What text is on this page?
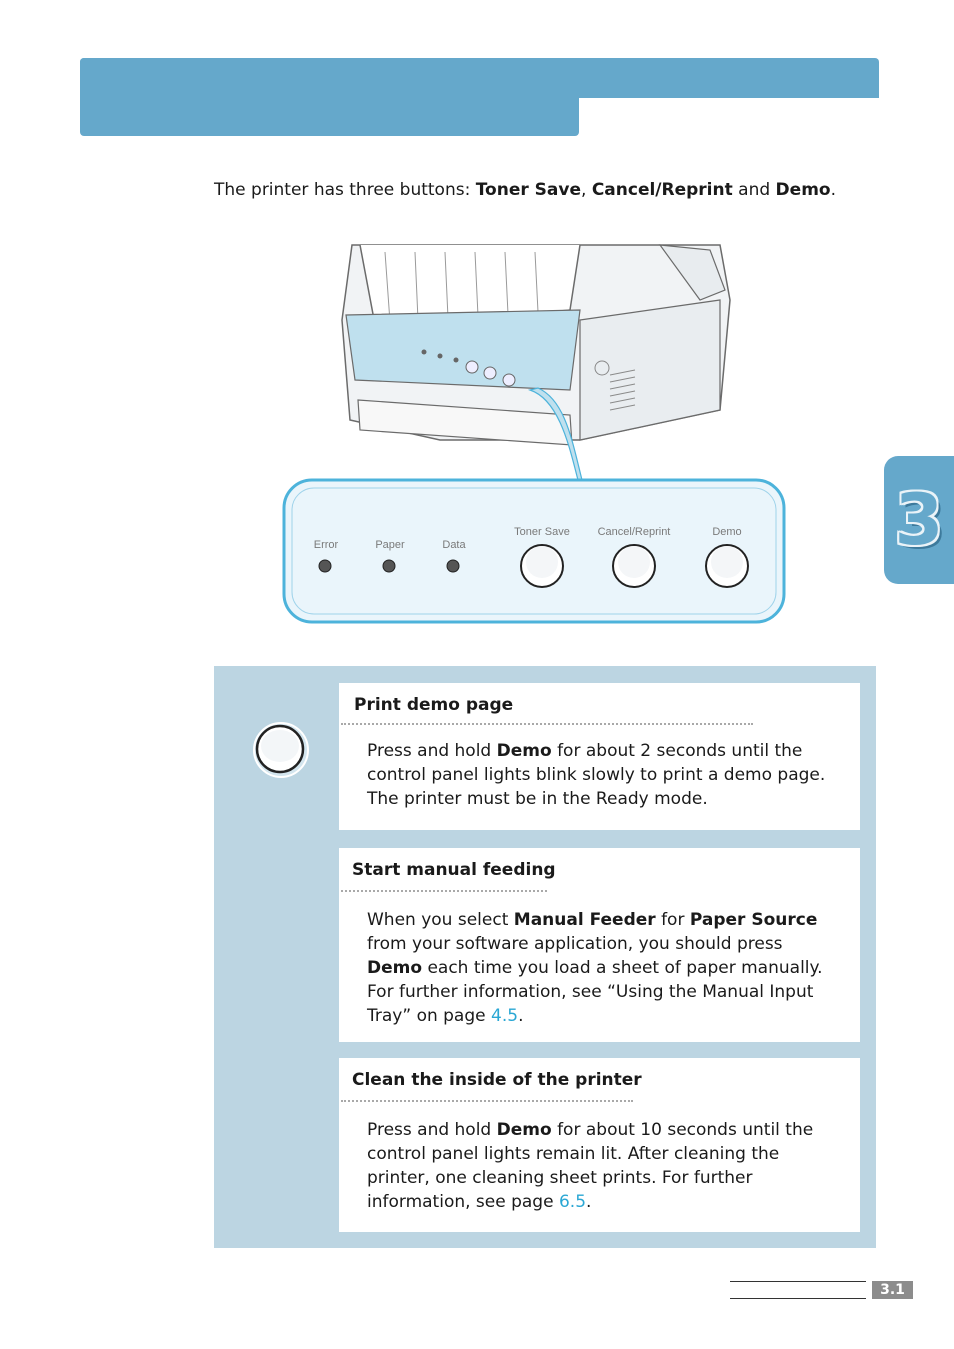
The printer has three buttons: Toner Save, Cancel/Reprint and Demo.
Error	Paper	Data
Toner Save	Cancel/Reprint	Demo 3
Print demo page
Press and hold Demo for about 2 seconds until the control panel lights blink slowly to print a demo page. The printer must be in the Ready mode.
Start manual feeding
When you select Manual Feeder for Paper Source from your software application, you should press Demo each time you load a sheet of paper manually. For further information, see “Using the Manual Input Tray” on page 4.5.
Clean the inside of the printer
Press and hold Demo for about 10 seconds until the control panel lights remain lit. After cleaning the printer, one cleaning sheet prints. For further information, see page 6.5.
3.1
